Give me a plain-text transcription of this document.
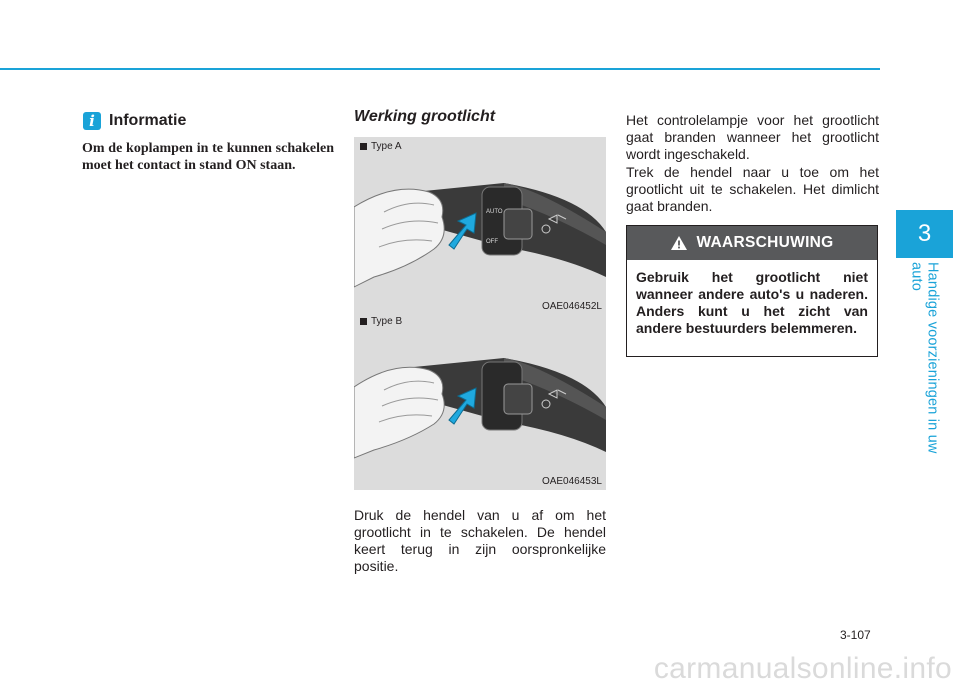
3
Handige voorzieningen in uw auto
i Informatie

Om de koplampen in te kunnen schakelen moet het contact in stand ON staan.

Werking grootlicht
AUTO
OFF
Type A
OAE046452L
Type B
OAE046453L

Druk de hendel van u af om het grootlicht in te schakelen. De hendel keert terug in zijn oorspronkelijke positie.

Het controlelampje voor het grootlicht gaat branden wanneer het grootlicht wordt ingeschakeld.

Trek de hendel naar u toe om het grootlicht uit te schakelen. Het dimlicht gaat branden.

WAARSCHUWING

Gebruik het grootlicht niet wanneer andere auto's u naderen. Anders kunt u het zicht van andere bestuurders belemmeren.

3-107
carmanualsonline.info
